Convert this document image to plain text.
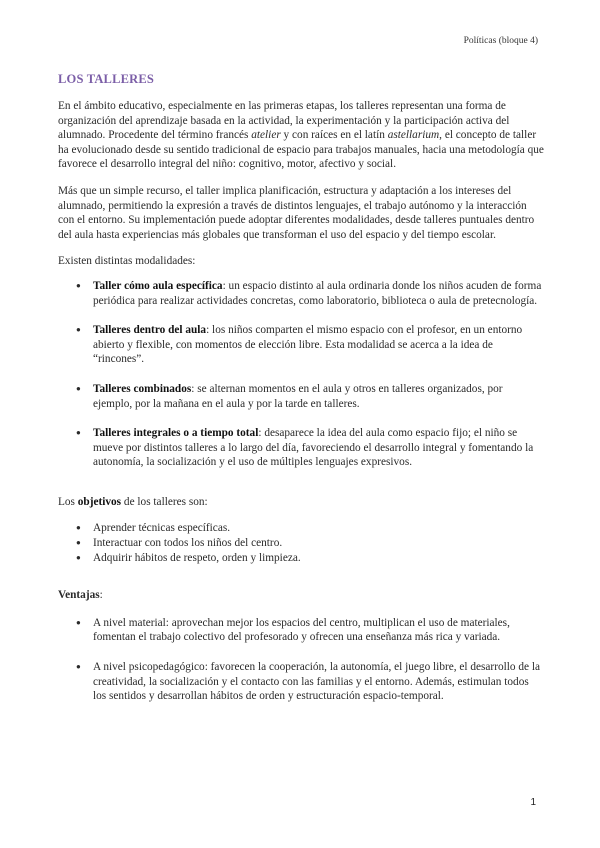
Políticas (bloque 4)
LOS TALLERES

En el ámbito educativo, especialmente en las primeras etapas, los talleres representan una forma de organización del aprendizaje basada en la actividad, la experimentación y la participación activa del alumnado. Procedente del término francés atelier y con raíces en el latín astellarium, el concepto de taller ha evolucionado desde su sentido tradicional de espacio para trabajos manuales, hacia una metodología que favorece el desarrollo integral del niño: cognitivo, motor, afectivo y social.

Más que un simple recurso, el taller implica planificación, estructura y adaptación a los intereses del alumnado, permitiendo la expresión a través de distintos lenguajes, el trabajo autónomo y la interacción con el entorno. Su implementación puede adoptar diferentes modalidades, desde talleres puntuales dentro del aula hasta experiencias más globales que transforman el uso del espacio y del tiempo escolar.

Existen distintas modalidades:

● Taller cómo aula específica: un espacio distinto al aula ordinaria donde los niños acuden de forma periódica para realizar actividades concretas, como laboratorio, biblioteca o aula de pretecnología.
● Talleres dentro del aula: los niños comparten el mismo espacio con el profesor, en un entorno abierto y flexible, con momentos de elección libre. Esta modalidad se acerca a la idea de “rincones”.
● Talleres combinados: se alternan momentos en el aula y otros en talleres organizados, por ejemplo, por la mañana en el aula y por la tarde en talleres.
● Talleres integrales o a tiempo total: desaparece la idea del aula como espacio fijo; el niño se mueve por distintos talleres a lo largo del día, favoreciendo el desarrollo integral y fomentando la autonomía, la socialización y el uso de múltiples lenguajes expresivos.

Los objetivos de los talleres son:

● Aprender técnicas específicas.
● Interactuar con todos los niños del centro.
● Adquirir hábitos de respeto, orden y limpieza.

Ventajas:

● A nivel material: aprovechan mejor los espacios del centro, multiplican el uso de materiales, fomentan el trabajo colectivo del profesorado y ofrecen una enseñanza más rica y variada.
● A nivel psicopedagógico: favorecen la cooperación, la autonomía, el juego libre, el desarrollo de la creatividad, la socialización y el contacto con las familias y el entorno. Además, estimulan todos los sentidos y desarrollan hábitos de orden y estructuración espacio-temporal.
1
